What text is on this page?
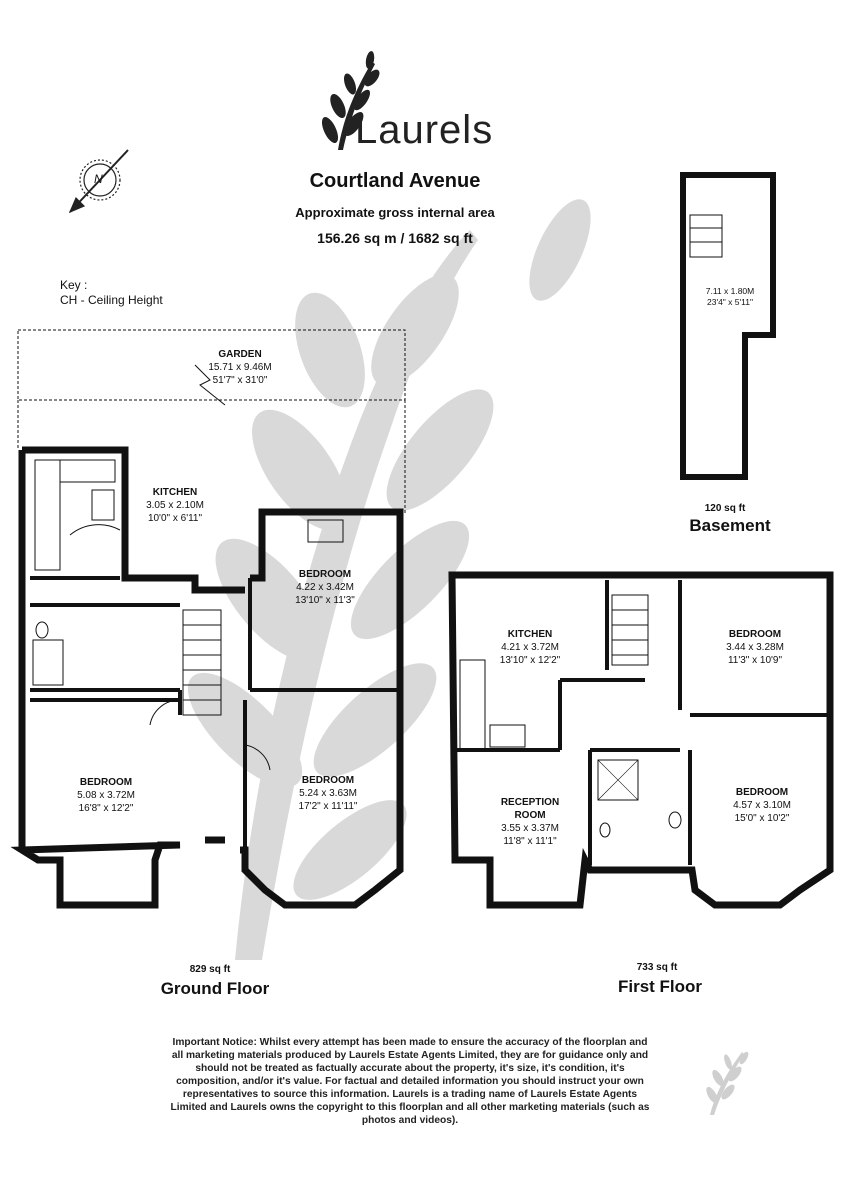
Laurels
Courtland Avenue
Approximate gross internal area
156.26 sq m / 1682 sq ft
N
Key :
CH - Ceiling Height
GARDEN
15.71 x 9.46M
51'7" x 31'0"
KITCHEN
3.05 x 2.10M
10'0" x 6'11"
BEDROOM
4.22 x 3.42M
13'10" x 11'3"
BEDROOM
5.08 x 3.72M
16'8" x 12'2"
BEDROOM
5.24 x 3.63M
17'2" x 11'11"
KITCHEN
4.21 x 3.72M
13'10" x 12'2"
BEDROOM
3.44 x 3.28M
11'3" x 10'9"
RECEPTION
ROOM
3.55 x 3.37M
11'8" x 11'1"
BEDROOM
4.57 x 3.10M
15'0" x 10'2"
7.11 x 1.80M
23'4" x 5'11"
120 sq ft
Basement
829 sq ft
Ground Floor
733 sq ft
First Floor
Important Notice: Whilst every attempt has been made to ensure the accuracy of the floorplan and all marketing materials produced by Laurels Estate Agents Limited, they are for guidance only and should not be treated as factually accurate about the property, it's size, it's condition, it's composition, and/or it's value. For factual and detailed information you should instruct your own representatives to source this information. Laurels is a trading name of Laurels Estate Agents Limited and Laurels owns the copyright to this floorplan and all other marketing materials (such as photos and videos).
